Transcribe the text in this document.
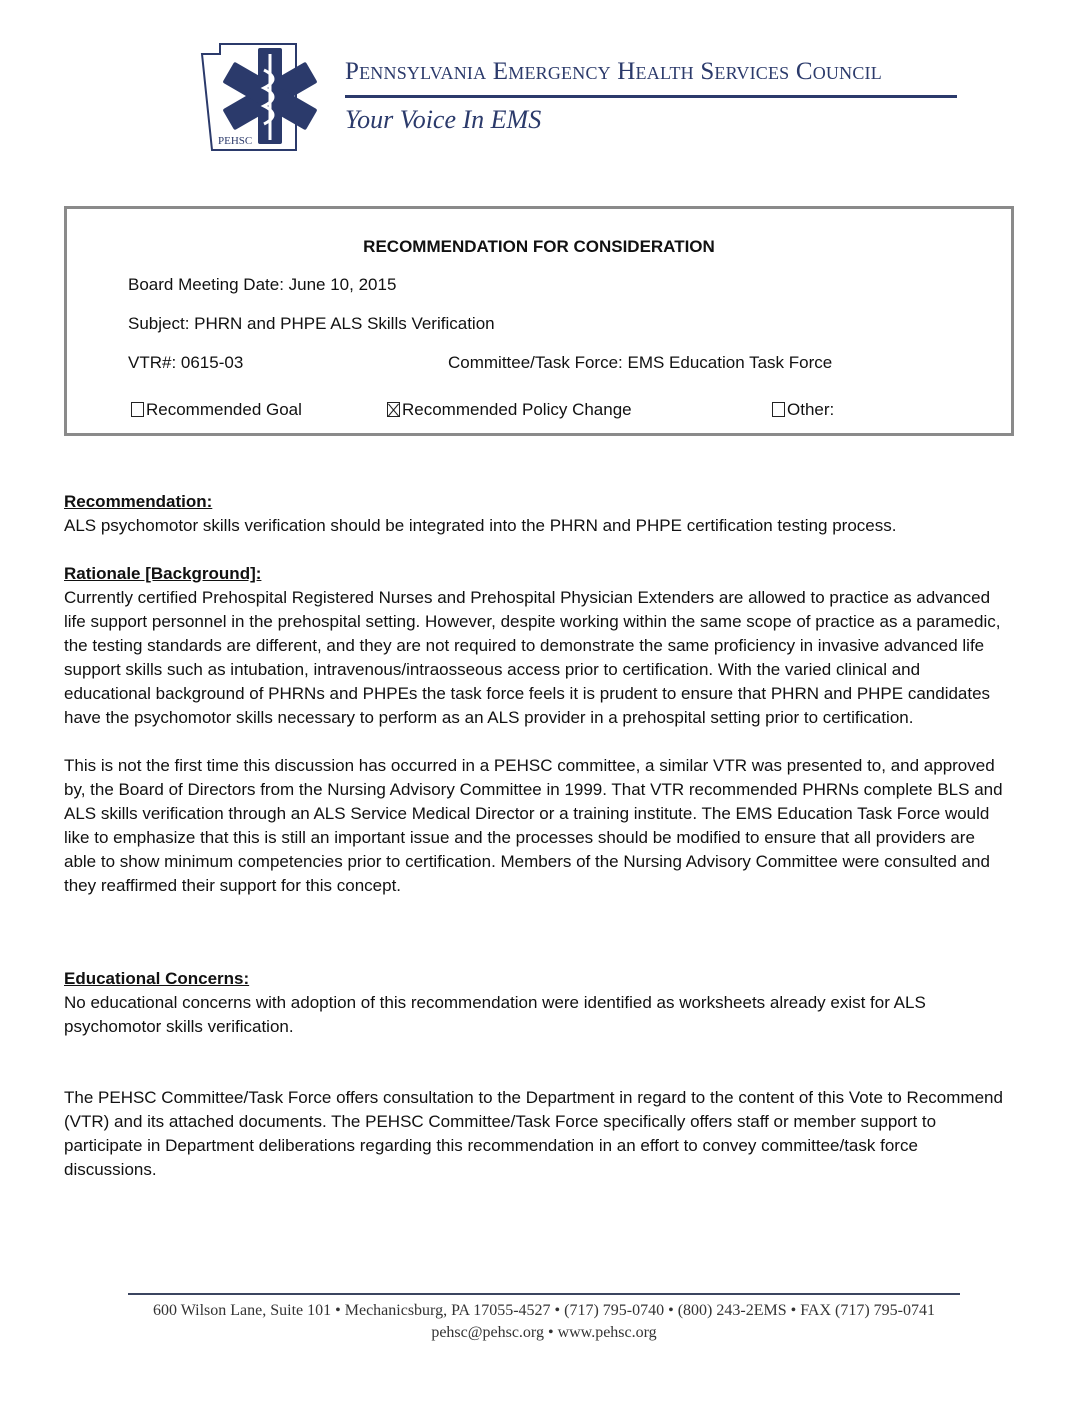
PEHSC
Pennsylvania Emergency Health Services Council
Your Voice In EMS
RECOMMENDATION FOR CONSIDERATION
Board Meeting Date: June 10, 2015
Subject: PHRN and PHPE ALS Skills Verification
VTR#: 0615-03	Committee/Task Force: EMS Education Task Force
Recommended Goal	Recommended Policy Change	Other:
Recommendation:
ALS psychomotor skills verification should be integrated into the PHRN and PHPE certification testing process.
Rationale [Background]:
Currently certified Prehospital Registered Nurses and Prehospital Physician Extenders are allowed to practice as advanced life support personnel in the prehospital setting. However, despite working within the same scope of practice as a paramedic, the testing standards are different, and they are not required to demonstrate the same proficiency in invasive advanced life support skills such as intubation, intravenous/intraosseous access prior to certification. With the varied clinical and educational background of PHRNs and PHPEs the task force feels it is prudent to ensure that PHRN and PHPE candidates have the psychomotor skills necessary to perform as an ALS provider in a prehospital setting prior to certification.
This is not the first time this discussion has occurred in a PEHSC committee, a similar VTR was presented to, and approved by, the Board of Directors from the Nursing Advisory Committee in 1999. That VTR recommended PHRNs complete BLS and ALS skills verification through an ALS Service Medical Director or a training institute. The EMS Education Task Force would like to emphasize that this is still an important issue and the processes should be modified to ensure that all providers are able to show minimum competencies prior to certification. Members of the Nursing Advisory Committee were consulted and they reaffirmed their support for this concept.
Educational Concerns:
No educational concerns with adoption of this recommendation were identified as worksheets already exist for ALS psychomotor skills verification.
The PEHSC Committee/Task Force offers consultation to the Department in regard to the content of this Vote to Recommend (VTR) and its attached documents. The PEHSC Committee/Task Force specifically offers staff or member support to participate in Department deliberations regarding this recommendation in an effort to convey committee/task force discussions.
600 Wilson Lane, Suite 101 • Mechanicsburg, PA 17055-4527 • (717) 795-0740 • (800) 243-2EMS • FAX (717) 795-0741
pehsc@pehsc.org • www.pehsc.org
